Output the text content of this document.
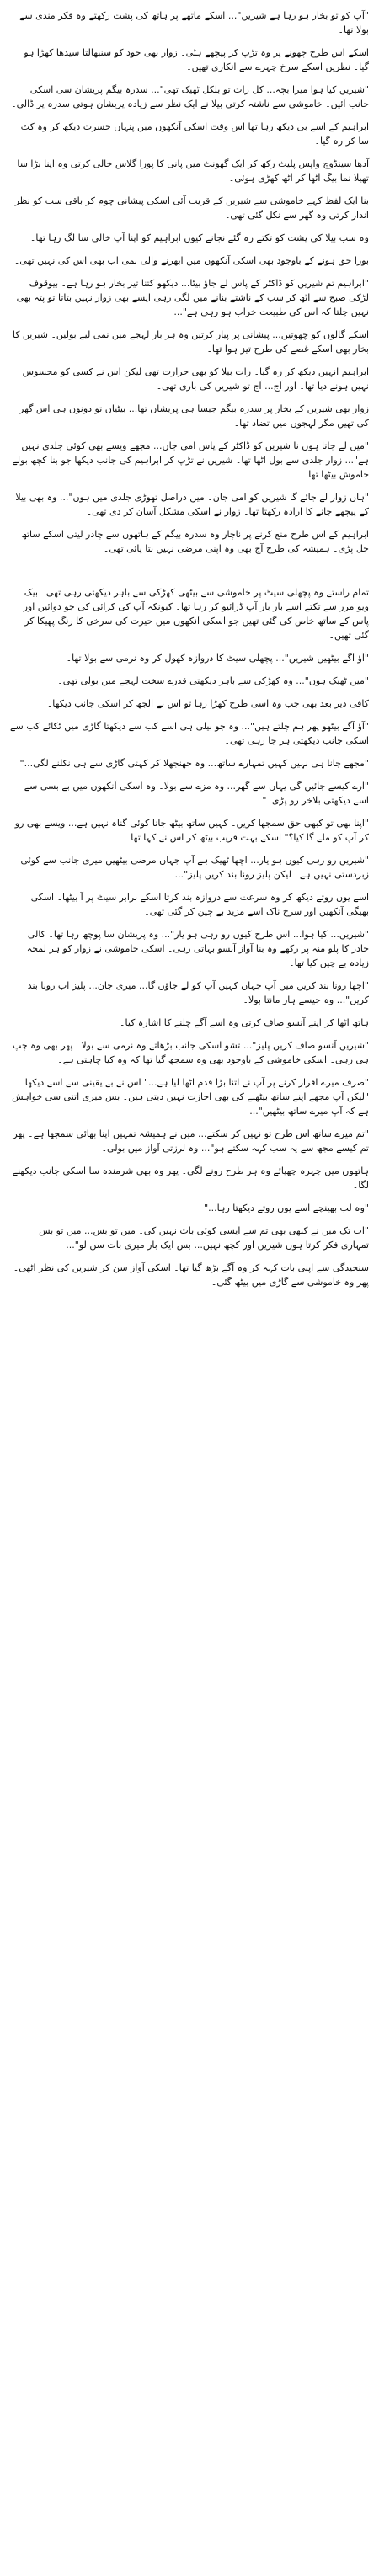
"آپ کو تو بخار ہو رہا ہے شیریں"... اسکے ماتھے پر ہاتھ کی پشت رکھتے وہ فکر مندی سے بولا تھا۔

اسکے اس طرح چھونے پر وہ تڑپ کر پیچھے ہٹی۔ زوار بھی خود کو سنبھالتا سیدھا کھڑا ہو گیا۔ نظریں اسکے سرخ چہرے سے انکاری تھیں۔

"شیریں کیا ہوا میرا بچہ... کل رات تو بلکل ٹھیک تھی"... سدرہ بیگم پریشان سی اسکی جانب آئیں۔ خاموشی سے ناشتہ کرتی بیلا نے ایک نظر سے زیادہ پریشان ہوتی سدرہ پر ڈالی۔

ابراہیم کے اسے بی دیکھ رہا تھا اس وقت اسکی آنکھوں میں پنہاں حسرت دیکھ کر وہ کٹ سا کر رہ گیا۔

آدھا سینڈوچ واپس پلیٹ رکھ کر ایک گھونٹ میں پانی کا پورا گلاس خالی کرتی وہ اپنا بڑا سا تھیلا نما بیگ اٹھا کر اٹھ کھڑی ہوئی۔

بنا ایک لفظ کہے خاموشی سے شیریں کے قریب آئی اسکی پیشانی چوم کر باقی سب کو نظر انداز کرتی وہ گھر سے نکل گئی تھی۔

وہ سب بیلا کی پشت کو تکتے رہ گئے نجانے کیوں ابراہیم کو اپنا آپ خالی سا لگ رہا تھا۔

بورا حق ہونے کے باوجود بھی اسکی آنکھوں میں ابھرنے والی نمی اب بھی اس کی نہیں تھی۔

"ابراہیم تم شیریں کو ڈاکٹر کے پاس لے جاؤ بیٹا... دیکھو کتنا تیز بخار ہو رہا ہے۔ بیوقوف لڑکی صبح سے اٹھ کر سب کے ناشتے بنانے میں لگی رہی ایسے بھی زوار نہیں بتاتا تو پتہ بھی نہیں چلتا کہ اس کی طبیعت خراب ہو رہی ہے"...

اسکے گالوں کو چھوتیں... پیشانی پر پیار کرتیں وہ ہر بار لہجے میں نمی لیے بولیں۔ شیریں کا بخار بھی اسکے غصے کی طرح تیز ہوا تھا۔

ابراہیم انہیں دیکھ کر رہ گیا۔ رات بیلا کو بھی حرارت تھی لیکن اس نے کسی کو محسوس نہیں ہونے دیا تھا۔ اور آج... آج تو شیریں کی باری تھی۔

زوار بھی شیریں کے بخار پر سدرہ بیگم جیسا ہی پریشان تھا... بیٹیاں تو دونوں ہی اس گھر کی تھیں مگر لہجوں میں تضاد تھا۔

"میں لے جاتا ہوں نا شیریں کو ڈاکٹر کے پاس امی جان... مجھے ویسے بھی کوئی جلدی نہیں ہے"... زوار جلدی سے بول اٹھا تھا۔ شیریں نے تڑپ کر ابراہیم کی جانب دیکھا جو بنا کچھ بولے خاموش بیٹھا تھا۔

"ہاں زوار لے جائے گا شیریں کو امی جان۔ میں دراصل تھوڑی جلدی میں ہوں"... وہ بھی بیلا کے پیچھے جانے کا ارادہ رکھتا تھا۔ زوار نے اسکی مشکل آسان کر دی تھی۔

ابراہیم کے اس طرح منع کرنے پر ناچار وہ سدرہ بیگم کے ہاتھوں سے چادر لیتی اسکے ساتھ چل پڑی۔ ہمیشہ کی طرح آج بھی وہ اپنی مرضی نہیں بتا پائی تھی۔

تمام راستے وہ پچھلی سیٹ پر خاموشی سے بیٹھی کھڑکی سے باہر دیکھتی رہی تھی۔ بیک ویو مرر سے تکتے اسے بار بار آپ ڈرائیو کر رہا تھا۔ کیونکہ آپ کی کرائی کی جو دوائیں اور پاس کے ساتھ خاص کی گئی تھیں جو اسکی آنکھوں میں حیرت کی سرخی کا رنگ پھیکا کر گئی تھیں۔

"آؤ آگے بیٹھیں شیریں"... پچھلی سیٹ کا دروازہ کھول کر وہ نرمی سے بولا تھا۔

"میں ٹھیک ہوں"... وہ کھڑکی سے باہر دیکھتی قدرے سخت لہجے میں بولی تھی۔

کافی دیر بعد بھی جب وہ اسی طرح کھڑا رہا تو اس نے الجھ کر اسکی جانب دیکھا۔

"آؤ آگے بیٹھو پھر ہم چلتے ہیں"... وہ جو بیلی ہی اسے کب سے دیکھتا گاڑی میں ٹکائے کب سے اسکی جانب دیکھتی ہر جا رہی تھی۔

"مجھے جانا ہی نہیں کہیں تمہارے ساتھ... وہ جھنجھلا کر کہتی گاڑی سے ہی نکلنے لگی..."

"ارے کیسے جائیں گی یہاں سے گھر... وہ مزے سے بولا۔ وہ اسکی آنکھوں میں بے بسی سے اسے دیکھتی بلاخر رو پڑی۔"

"اپنا بھی تو کبھی حق سمجھا کریں۔ کہیں ساتھ بیٹھ جانا کوئی گناہ نہیں ہے... ویسے بھی رو کر آپ کو ملے گا کیا؟" اسکے بہت قریب بیٹھ کر اس نے کہا تھا۔

"شیریں رو رہی کیوں ہو یار... اچھا ٹھیک ہے آپ جہاں مرضی بیٹھیں میری جانب سے کوئی زبردستی نہیں ہے۔ لیکن پلیز رونا بند کریں پلیز"...

اسے یوں روتے دیکھ کر وہ سرعت سے دروازہ بند کرتا اسکے برابر سیٹ پر آ بیٹھا۔ اسکی بھیگی آنکھیں اور سرخ ناک اسے مزید بے چین کر گئی تھی۔

"شیریں... کیا ہوا... اس طرح کیوں رو رہی ہو یار"... وہ پریشان سا پوچھ رہا تھا۔ کالی چادر کا پلو منہ پر رکھے وہ بنا آواز آنسو بہاتی رہی۔ اسکی خاموشی نے زوار کو ہر لمحہ زیادہ بے چین کیا تھا۔

"اچھا رونا بند کریں میں آپ جہاں کہیں آپ کو لے جاؤں گا... میری جان... پلیز اب رونا بند کریں"... وہ جیسے ہار مانتا بولا۔

ہاتھ اٹھا کر اپنے آنسو صاف کرتی وہ اسے آگے چلنے کا اشارہ کیا۔

"شیریں آنسو صاف کریں پلیز"... تشو اسکی جانب بڑھاتے وہ نرمی سے بولا۔ پھر بھی وہ چپ ہی رہی۔ اسکی خاموشی کے باوجود بھی وہ سمجھ گیا تھا کہ وہ کیا چاہتی ہے۔

"صرف میرے اقرار کرنے پر آپ نے اتنا بڑا قدم اٹھا لیا ہے..." اس نے بے یقینی سے اسے دیکھا۔ "لیکن آپ مجھے اپنے ساتھ بیٹھنے کی بھی اجازت نہیں دیتی ہیں۔ بس میری اتنی سی خواہش ہے کہ آپ میرے ساتھ بیٹھیں"...

"تم میرے ساتھ اس طرح تو نہیں کر سکتے... میں نے ہمیشہ تمہیں اپنا بھائی سمجھا ہے۔ پھر تم کیسے مجھ سے یہ سب کہہ سکتے ہو"... وہ لرزتی آواز میں بولی۔

ہاتھوں میں چہرہ چھپائے وہ ہر طرح رونے لگی۔ پھر وہ بھی شرمندہ سا اسکی جانب دیکھنے لگا۔

"وہ لب بھینچے اسے یوں روتے دیکھتا رہا..."

"اب تک میں نے کبھی بھی تم سے ایسی کوئی بات نہیں کی۔ میں تو بس... میں تو بس تمہاری فکر کرتا ہوں شیریں اور کچھ نہیں... بس ایک بار میری بات سن لو"...

سنجیدگی سے اپنی بات کہہ کر وہ آگے بڑھ گیا تھا۔ اسکی آواز سن کر شیریں کی نظر اٹھی۔ پھر وہ خاموشی سے گاڑی میں بیٹھ گئی۔
